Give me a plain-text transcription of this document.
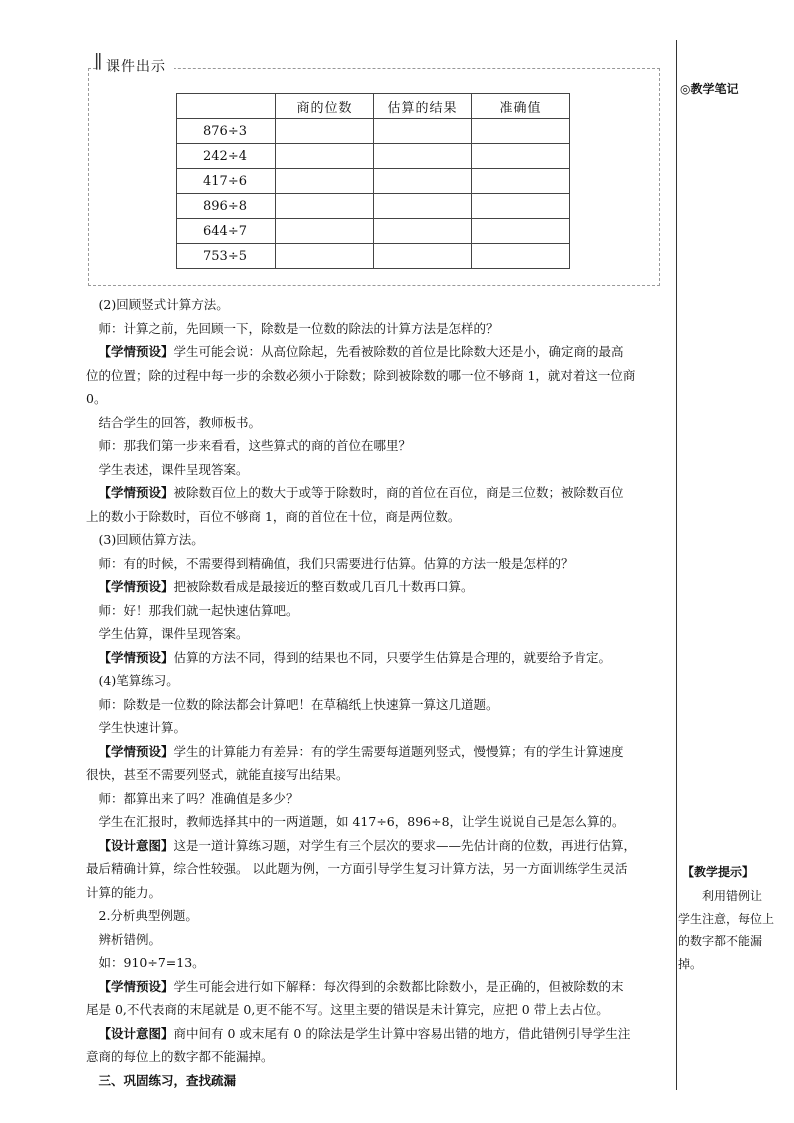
∥ 课件出示
	商的位数	估算的结果	准确值
876÷3			
242÷4			
417÷6			
896÷8			
644÷7			
753÷5			

 (2)回顾竖式计算方法。

 师：计算之前，先回顾一下，除数是一位数的除法的计算方法是怎样的？

 【学情预设】学生可能会说：从高位除起，先看被除数的首位是比除数大还是小，确定商的最高

位的位置；除的过程中每一步的余数必须小于除数；除到被除数的哪一位不够商 1，就对着这一位商

0。

 结合学生的回答，教师板书。

 师：那我们第一步来看看，这些算式的商的首位在哪里？

 学生表述，课件呈现答案。

 【学情预设】被除数百位上的数大于或等于除数时，商的首位在百位，商是三位数；被除数百位

上的数小于除数时，百位不够商 1，商的首位在十位，商是两位数。

 (3)回顾估算方法。

 师：有的时候，不需要得到精确值，我们只需要进行估算。估算的方法一般是怎样的？

 【学情预设】把被除数看成是最接近的整百数或几百几十数再口算。

 师：好！那我们就一起快速估算吧。

 学生估算，课件呈现答案。

 【学情预设】估算的方法不同，得到的结果也不同，只要学生估算是合理的，就要给予肯定。

 (4)笔算练习。

 师：除数是一位数的除法都会计算吧！在草稿纸上快速算一算这几道题。

 学生快速计算。

 【学情预设】学生的计算能力有差异：有的学生需要每道题列竖式，慢慢算；有的学生计算速度

很快，甚至不需要列竖式，就能直接写出结果。

 师：都算出来了吗？准确值是多少？

 学生在汇报时，教师选择其中的一两道题，如 417÷6，896÷8，让学生说说自己是怎么算的。

 【设计意图】这是一道计算练习题，对学生有三个层次的要求——先估计商的位数，再进行估算，

最后精确计算，综合性较强。 以此题为例，一方面引导学生复习计算方法，另一方面训练学生灵活

计算的能力。

 2.分析典型例题。

 辨析错例。

 如：910÷7=13。

 【学情预设】学生可能会进行如下解释：每次得到的余数都比除数小，是正确的，但被除数的末

尾是 0,不代表商的末尾就是 0,更不能不写。这里主要的错误是未计算完，应把 0 带上去占位。

 【设计意图】商中间有 0 或末尾有 0 的除法是学生计算中容易出错的地方，借此错例引导学生注

意商的每位上的数字都不能漏掉。

 三、巩固练习，查找疏漏

◎教学笔记
【教学提示】
利用错例让
学生注意，每位上
的数字都不能漏
掉。
